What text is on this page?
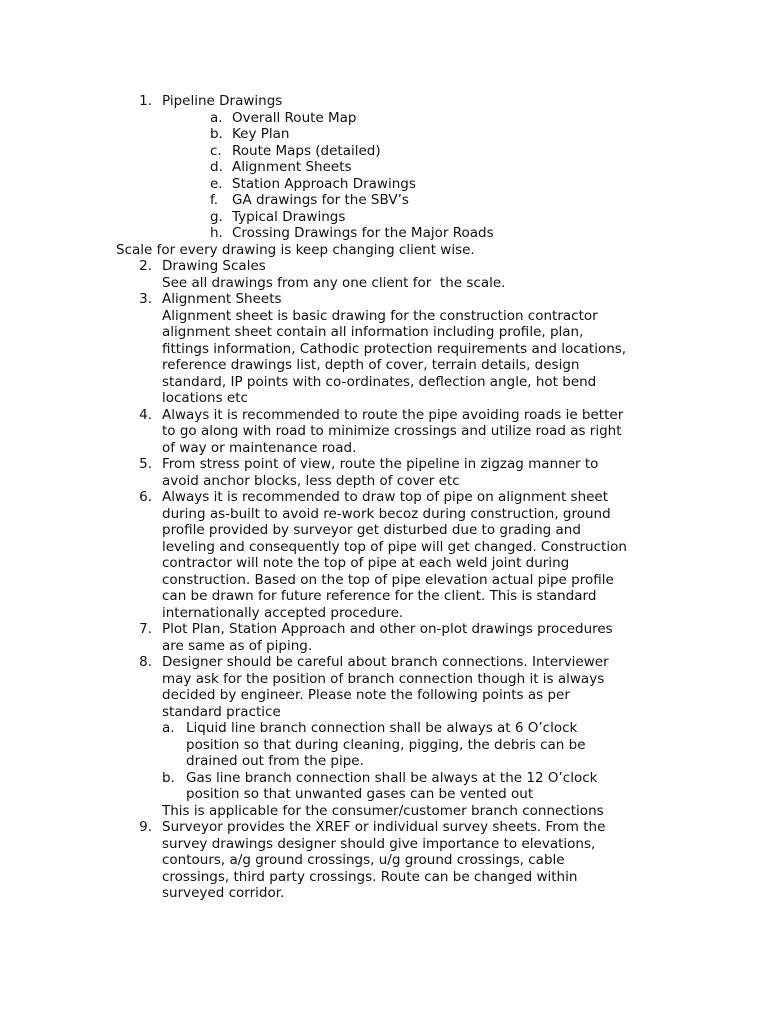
1. Pipeline Drawings
a. Overall Route Map
b. Key Plan
c. Route Maps (detailed)
d. Alignment Sheets
e. Station Approach Drawings
f. GA drawings for the SBV’s
g. Typical Drawings
h. Crossing Drawings for the Major Roads
Scale for every drawing is keep changing client wise.
2. Drawing Scales
See all drawings from any one client for  the scale.
3. Alignment Sheets
Alignment sheet is basic drawing for the construction contractor
alignment sheet contain all information including profile, plan,
fittings information, Cathodic protection requirements and locations,
reference drawings list, depth of cover, terrain details, design
standard, IP points with co-ordinates, deflection angle, hot bend
locations etc
4. Always it is recommended to route the pipe avoiding roads ie better
to go along with road to minimize crossings and utilize road as right
of way or maintenance road.
5. From stress point of view, route the pipeline in zigzag manner to
avoid anchor blocks, less depth of cover etc
6. Always it is recommended to draw top of pipe on alignment sheet
during as-built to avoid re-work becoz during construction, ground
profile provided by surveyor get disturbed due to grading and
leveling and consequently top of pipe will get changed. Construction
contractor will note the top of pipe at each weld joint during
construction. Based on the top of pipe elevation actual pipe profile
can be drawn for future reference for the client. This is standard
internationally accepted procedure.
7. Plot Plan, Station Approach and other on-plot drawings procedures
are same as of piping.
8. Designer should be careful about branch connections. Interviewer
may ask for the position of branch connection though it is always
decided by engineer. Please note the following points as per
standard practice
a. Liquid line branch connection shall be always at 6 O’clock
position so that during cleaning, pigging, the debris can be
drained out from the pipe.
b. Gas line branch connection shall be always at the 12 O’clock
position so that unwanted gases can be vented out
This is applicable for the consumer/customer branch connections
9. Surveyor provides the XREF or individual survey sheets. From the
survey drawings designer should give importance to elevations,
contours, a/g ground crossings, u/g ground crossings, cable
crossings, third party crossings. Route can be changed within
surveyed corridor.
